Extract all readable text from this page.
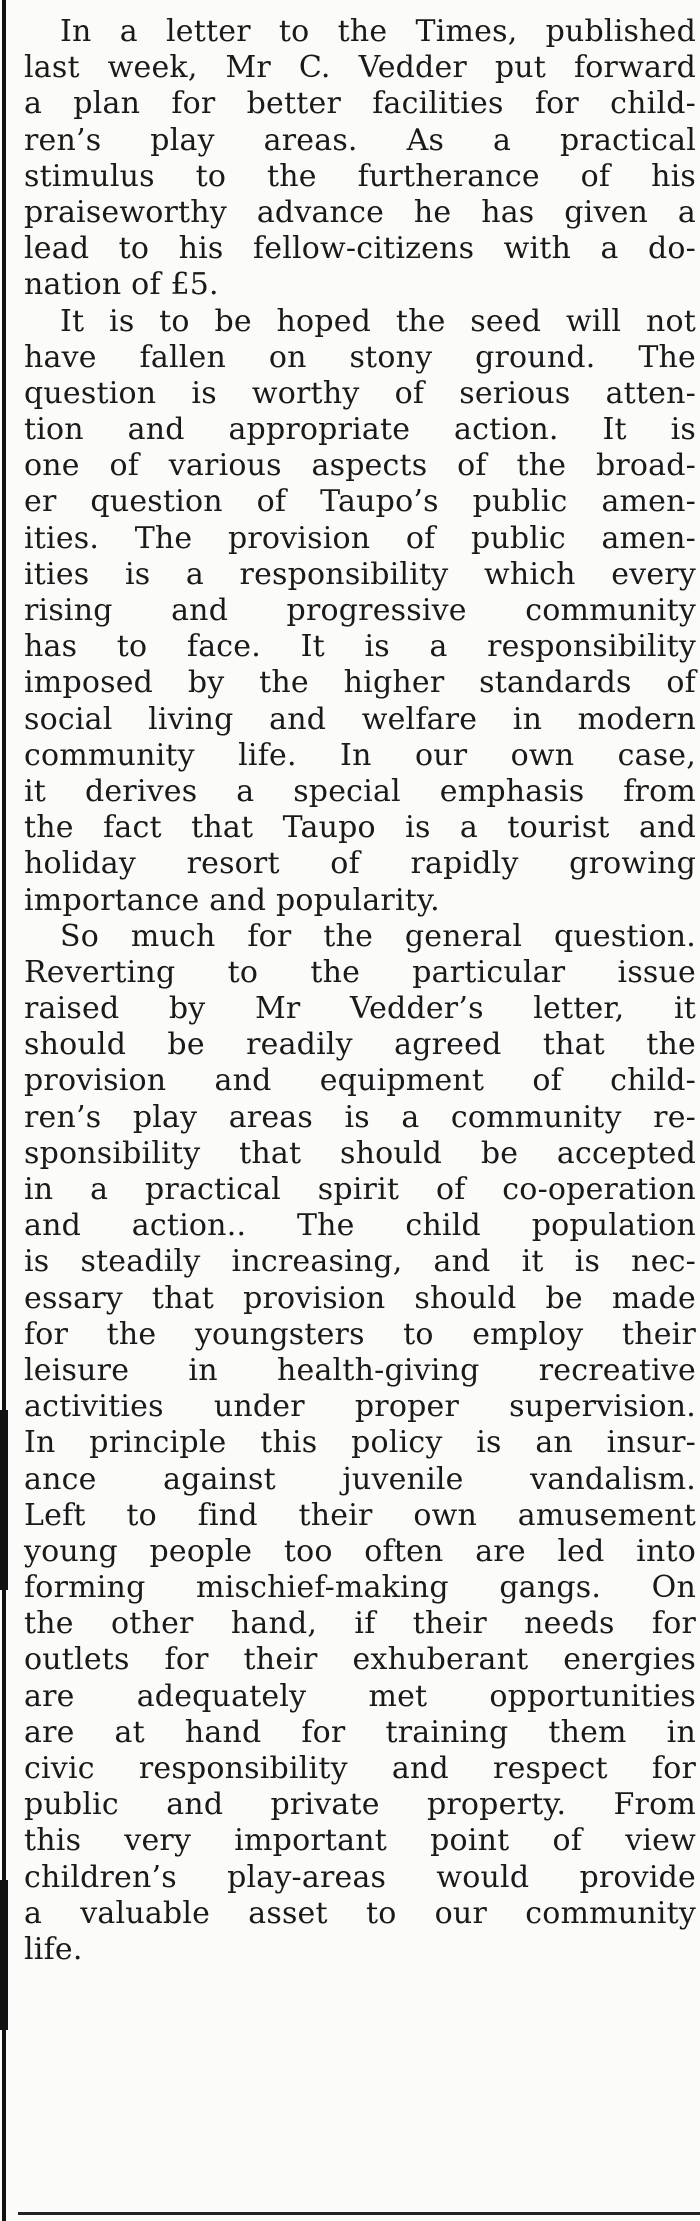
In a letter to the Times, published
last week, Mr C. Vedder put forward
a plan for better facilities for child-
ren’s play areas. As a practical
stimulus to the furtherance of his
praiseworthy advance he has given a
lead to his fellow-citizens with a do-
nation of £5.
It is to be hoped the seed will not
have fallen on stony ground. The
question is worthy of serious atten-
tion and appropriate action. It is
one of various aspects of the broad-
er question of Taupo’s public amen-
ities. The provision of public amen-
ities is a responsibility which every
rising and progressive community
has to face. It is a responsibility
imposed by the higher standards of
social living and welfare in modern
community life. In our own case,
it derives a special emphasis from
the fact that Taupo is a tourist and
holiday resort of rapidly growing
importance and popularity.
So much for the general question.
Reverting to the particular issue
raised by Mr Vedder’s letter, it
should be readily agreed that the
provision and equipment of child-
ren’s play areas is a community re-
sponsibility that should be accepted
in a practical spirit of co-operation
and action.. The child population
is steadily increasing, and it is nec-
essary that provision should be made
for the youngsters to employ their
leisure in health-giving recreative
activities under proper supervision.
In principle this policy is an insur-
ance against juvenile vandalism.
Left to find their own amusement
young people too often are led into
forming mischief-making gangs. On
the other hand, if their needs for
outlets for their exhuberant energies
are adequately met opportunities
are at hand for training them in
civic responsibility and respect for
public and private property. From
this very important point of view
children’s play-areas would provide
a valuable asset to our community
life.
